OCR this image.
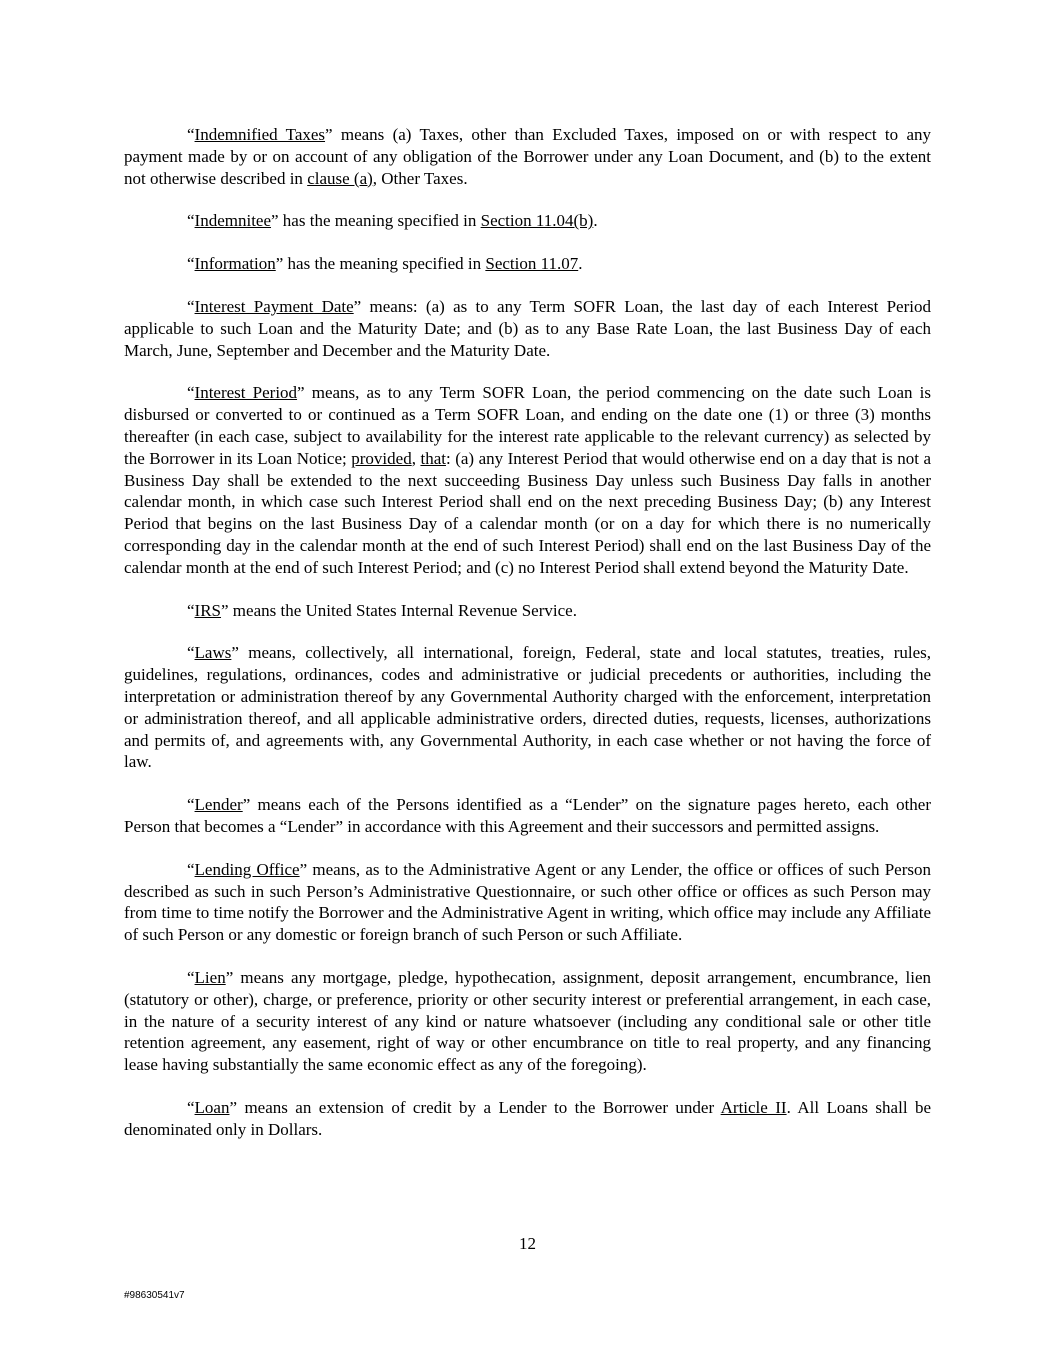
“Indemnified Taxes” means (a) Taxes, other than Excluded Taxes, imposed on or with respect to any payment made by or on account of any obligation of the Borrower under any Loan Document, and (b) to the extent not otherwise described in clause (a), Other Taxes.

“Indemnitee” has the meaning specified in Section 11.04(b).

“Information” has the meaning specified in Section 11.07.

“Interest Payment Date” means: (a) as to any Term SOFR Loan, the last day of each Interest Period applicable to such Loan and the Maturity Date; and (b) as to any Base Rate Loan, the last Business Day of each March, June, September and December and the Maturity Date.

“Interest Period” means, as to any Term SOFR Loan, the period commencing on the date such Loan is disbursed or converted to or continued as a Term SOFR Loan, and ending on the date one (1) or three (3) months thereafter (in each case, subject to availability for the interest rate applicable to the relevant currency) as selected by the Borrower in its Loan Notice; provided, that: (a) any Interest Period that would otherwise end on a day that is not a Business Day shall be extended to the next succeeding Business Day unless such Business Day falls in another calendar month, in which case such Interest Period shall end on the next preceding Business Day; (b) any Interest Period that begins on the last Business Day of a calendar month (or on a day for which there is no numerically corresponding day in the calendar month at the end of such Interest Period) shall end on the last Business Day of the calendar month at the end of such Interest Period; and (c) no Interest Period shall extend beyond the Maturity Date.

“IRS” means the United States Internal Revenue Service.

“Laws” means, collectively, all international, foreign, Federal, state and local statutes, treaties, rules, guidelines, regulations, ordinances, codes and administrative or judicial precedents or authorities, including the interpretation or administration thereof by any Governmental Authority charged with the enforcement, interpretation or administration thereof, and all applicable administrative orders, directed duties, requests, licenses, authorizations and permits of, and agreements with, any Governmental Authority, in each case whether or not having the force of law.

“Lender” means each of the Persons identified as a “Lender” on the signature pages hereto, each other Person that becomes a “Lender” in accordance with this Agreement and their successors and permitted assigns.

“Lending Office” means, as to the Administrative Agent or any Lender, the office or offices of such Person described as such in such Person’s Administrative Questionnaire, or such other office or offices as such Person may from time to time notify the Borrower and the Administrative Agent in writing, which office may include any Affiliate of such Person or any domestic or foreign branch of such Person or such Affiliate.

“Lien” means any mortgage, pledge, hypothecation, assignment, deposit arrangement, encumbrance, lien (statutory or other), charge, or preference, priority or other security interest or preferential arrangement, in each case, in the nature of a security interest of any kind or nature whatsoever (including any conditional sale or other title retention agreement, any easement, right of way or other encumbrance on title to real property, and any financing lease having substantially the same economic effect as any of the foregoing).

“Loan” means an extension of credit by a Lender to the Borrower under Article II. All Loans shall be denominated only in Dollars.

12
#98630541v7
